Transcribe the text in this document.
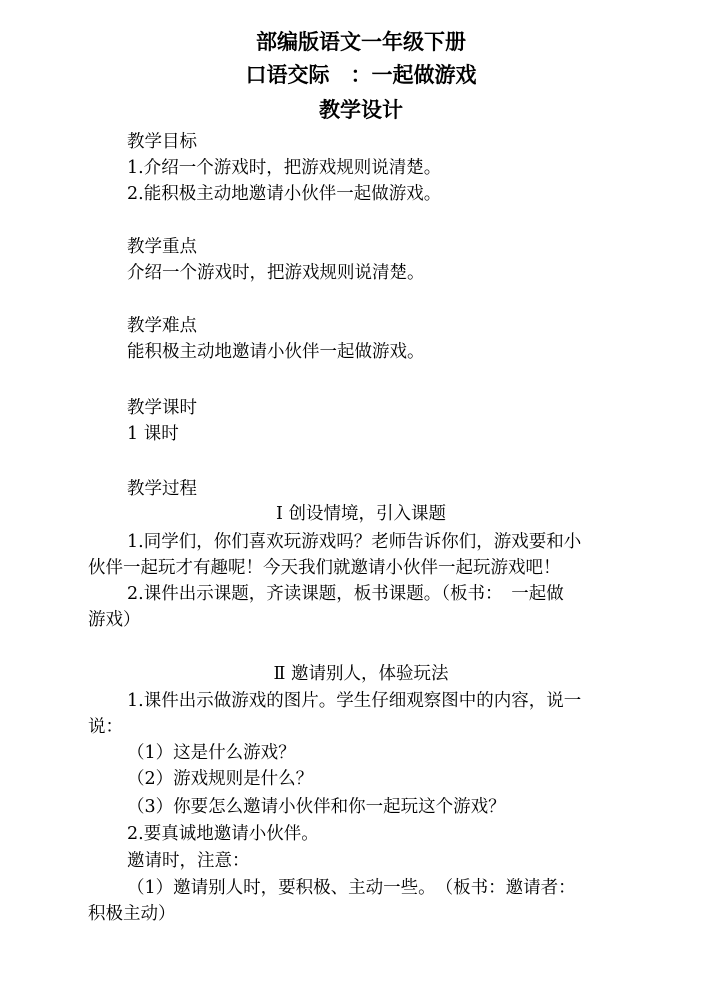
部编版语文一年级下册
口语交际　：一起做游戏
教学设计
教学目标
1.介绍一个游戏时，把游戏规则说清楚。
2.能积极主动地邀请小伙伴一起做游戏。
教学重点
介绍一个游戏时，把游戏规则说清楚。
教学难点
能积极主动地邀请小伙伴一起做游戏。
教学课时
1 课时
教学过程
Ⅰ 创设情境，引入课题
1.同学们，你们喜欢玩游戏吗？老师告诉你们，游戏要和小
伙伴一起玩才有趣呢！今天我们就邀请小伙伴一起玩游戏吧！
2.课件出示课题，齐读课题，板书课题。（板书：　一起做
游戏）
Ⅱ 邀请别人，体验玩法
1.课件出示做游戏的图片。学生仔细观察图中的内容，说一
说：
（1）这是什么游戏？
（2）游戏规则是什么？
（3）你要怎么邀请小伙伴和你一起玩这个游戏？
2.要真诚地邀请小伙伴。
邀请时，注意：
（1）邀请别人时，要积极、主动一些。　（板书：邀请者：
积极主动）
